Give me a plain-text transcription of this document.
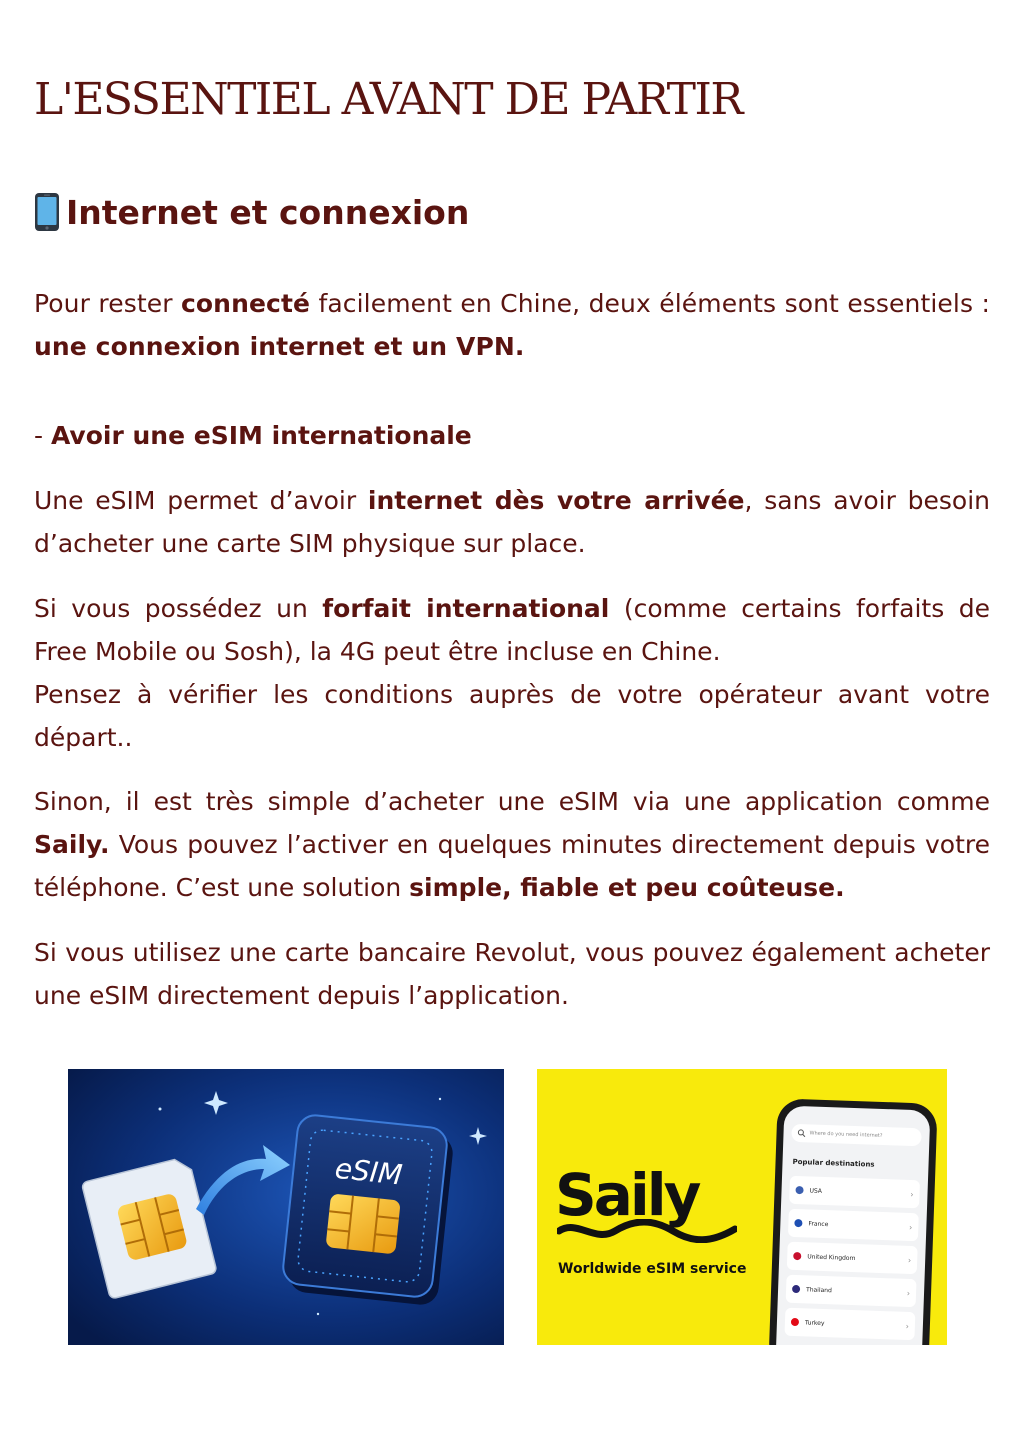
L'ESSENTIEL AVANT DE PARTIR
Internet et connexion

Pour rester connecté facilement en Chine, deux éléments sont essentiels : une connexion internet et un VPN.

- Avoir une eSIM internationale

Une eSIM permet d’avoir internet dès votre arrivée, sans avoir besoin d’acheter une carte SIM physique sur place.

Si vous possédez un forfait international (comme certains forfaits de Free Mobile ou Sosh), la 4G peut être incluse en Chine.
Pensez à vérifier les conditions auprès de votre opérateur avant votre départ..

Sinon, il est très simple d’acheter une eSIM via une application comme Saily. Vous pouvez l’activer en quelques minutes directement depuis votre téléphone. C’est une solution simple, fiable et peu coûteuse.

Si vous utilisez une carte bancaire Revolut, vous pouvez également acheter une eSIM directement depuis l’application.

eSIM	Saily
Worldwide eSIM service
Where do you need internet?
Popular destinations
USA	›
France	›
United Kingdom	›
Thailand	›
Turkey	›
